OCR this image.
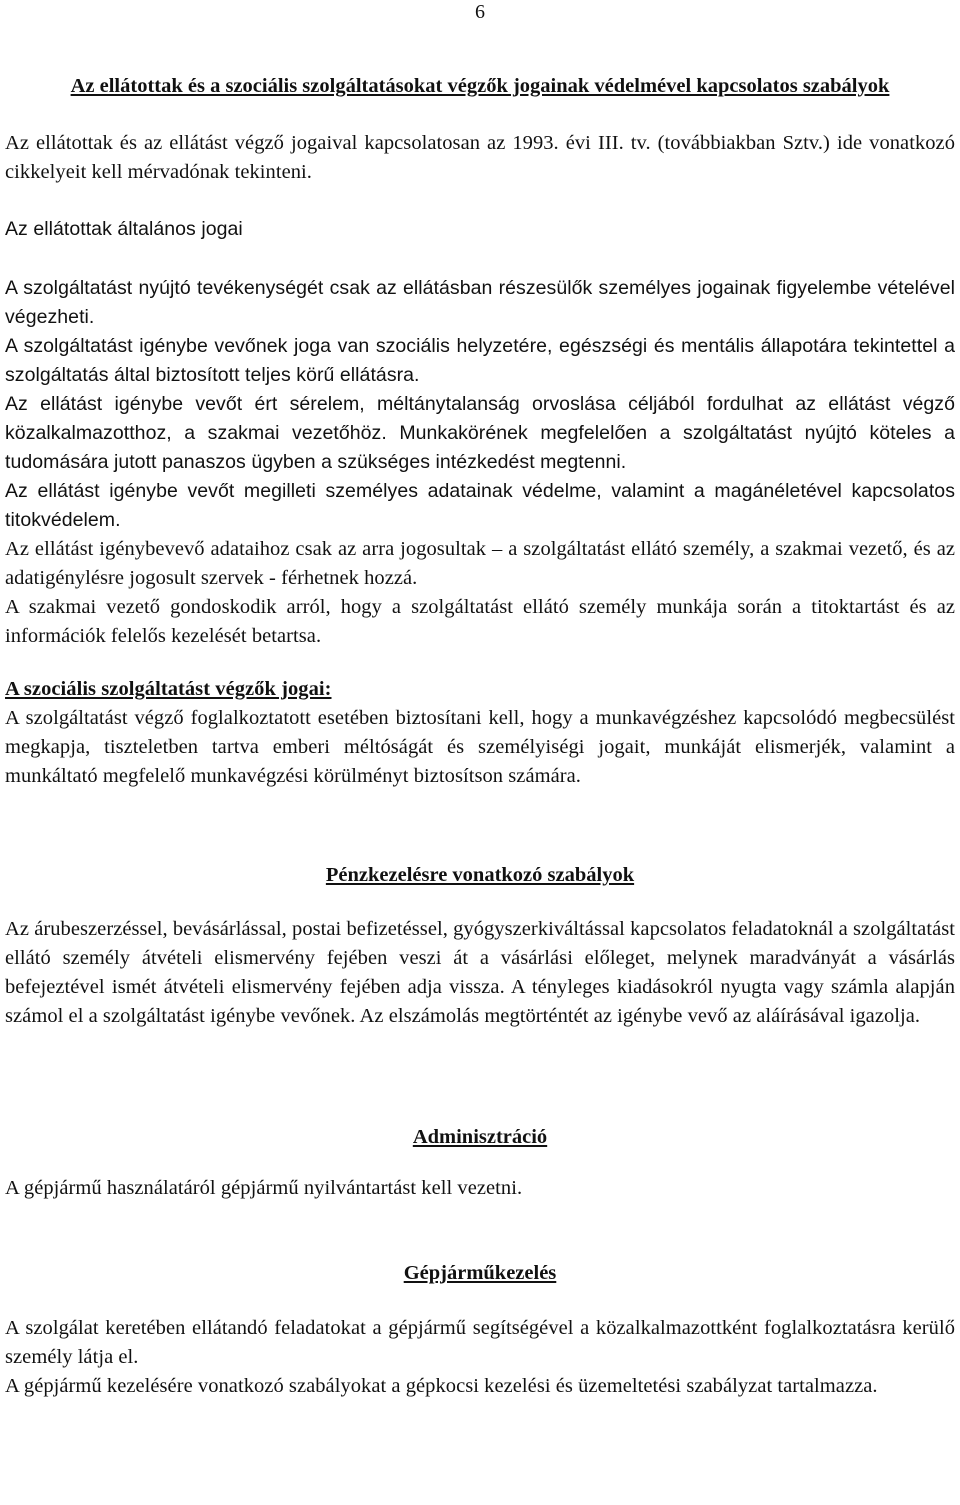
6
Az ellátottak és a szociális szolgáltatásokat végzők jogainak védelmével kapcsolatos szabályok

Az ellátottak és az ellátást végző jogaival kapcsolatosan az 1993. évi III. tv. (továbbiakban Sztv.) ide vonatkozó cikkelyeit kell mérvadónak tekinteni.

Az ellátottak általános jogai

A szolgáltatást nyújtó tevékenységét csak az ellátásban részesülők személyes jogainak figyelembe vételével végezheti.

A szolgáltatást igénybe vevőnek joga van szociális helyzetére, egészségi és mentális állapotára tekintettel a szolgáltatás által biztosított teljes körű ellátásra.

Az ellátást igénybe vevőt ért sérelem, méltánytalanság orvoslása céljából fordulhat az ellátást végző közalkalmazotthoz, a szakmai vezetőhöz. Munkakörének megfelelően a szolgáltatást nyújtó köteles a tudomására jutott panaszos ügyben a szükséges intézkedést megtenni.

Az ellátást igénybe vevőt megilleti személyes adatainak védelme, valamint a magánéletével kapcsolatos titokvédelem.

Az ellátást igénybevevő adataihoz csak az arra jogosultak – a szolgáltatást ellátó személy, a szakmai vezető, és az adatigénylésre jogosult szervek - férhetnek hozzá.

A szakmai vezető gondoskodik arról, hogy a szolgáltatást ellátó személy munkája során a titoktartást és az információk felelős kezelését betartsa.

A szociális szolgáltatást végzők jogai:

A szolgáltatást végző foglalkoztatott esetében biztosítani kell, hogy a munkavégzéshez kapcsolódó megbecsülést megkapja, tiszteletben tartva emberi méltóságát és személyiségi jogait, munkáját elismerjék, valamint a munkáltató megfelelő munkavégzési körülményt biztosítson számára.

Pénzkezelésre vonatkozó szabályok

Az árubeszerzéssel, bevásárlással, postai befizetéssel, gyógyszerkiváltással kapcsolatos feladatoknál a szolgáltatást ellátó személy átvételi elismervény fejében veszi át a vásárlási előleget, melynek maradványát a vásárlás befejeztével ismét átvételi elismervény fejében adja vissza. A tényleges kiadásokról nyugta vagy számla alapján számol el a szolgáltatást igénybe vevőnek. Az elszámolás megtörténtét az igénybe vevő az aláírásával igazolja.

Adminisztráció

A gépjármű használatáról gépjármű nyilvántartást kell vezetni.

Gépjárműkezelés

A szolgálat keretében ellátandó feladatokat a gépjármű segítségével a közalkalmazottként foglalkoztatásra kerülő személy látja el.

A gépjármű kezelésére vonatkozó szabályokat a gépkocsi kezelési és üzemeltetési szabályzat tartalmazza.
